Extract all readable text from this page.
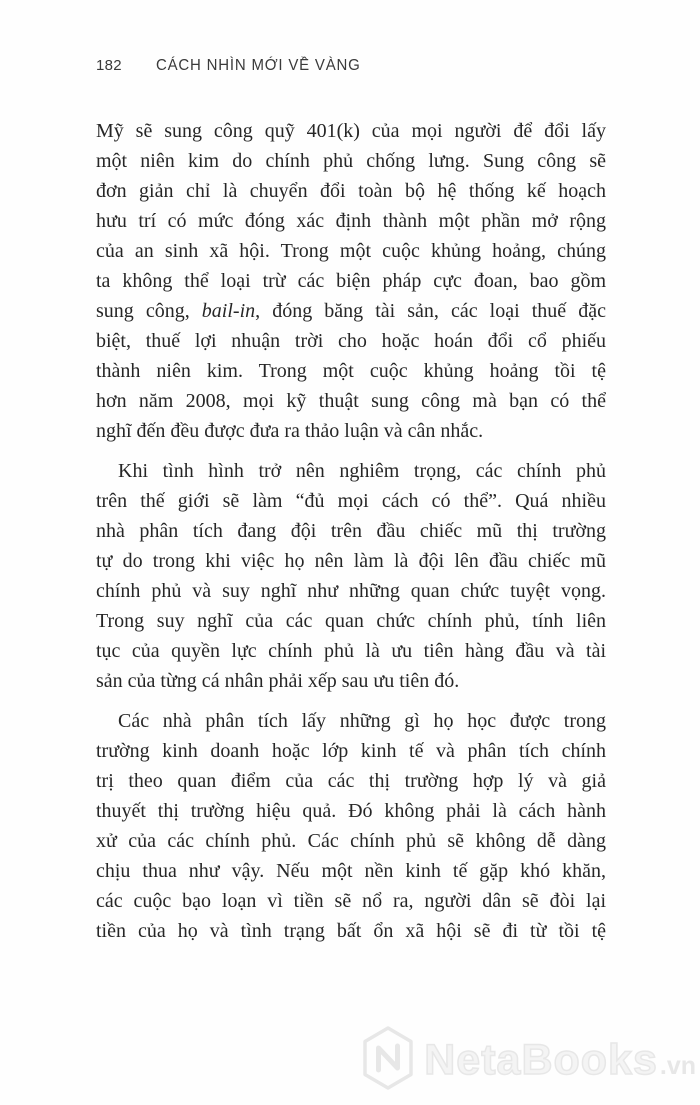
182 CÁCH NHÌN MỚI VỀ VÀNG
Mỹ sẽ sung công quỹ 401(k) của mọi người để đổi lấy
một niên kim do chính phủ chống lưng. Sung công sẽ
đơn giản chỉ là chuyển đổi toàn bộ hệ thống kế hoạch
hưu trí có mức đóng xác định thành một phần mở rộng
của an sinh xã hội. Trong một cuộc khủng hoảng, chúng
ta không thể loại trừ các biện pháp cực đoan, bao gồm
sung công, bail-in, đóng băng tài sản, các loại thuế đặc
biệt, thuế lợi nhuận trời cho hoặc hoán đổi cổ phiếu
thành niên kim. Trong một cuộc khủng hoảng tồi tệ
hơn năm 2008, mọi kỹ thuật sung công mà bạn có thể
nghĩ đến đều được đưa ra thảo luận và cân nhắc.
Khi tình hình trở nên nghiêm trọng, các chính phủ
trên thế giới sẽ làm “đủ mọi cách có thể”. Quá nhiều
nhà phân tích đang đội trên đầu chiếc mũ thị trường
tự do trong khi việc họ nên làm là đội lên đầu chiếc mũ
chính phủ và suy nghĩ như những quan chức tuyệt vọng.
Trong suy nghĩ của các quan chức chính phủ, tính liên
tục của quyền lực chính phủ là ưu tiên hàng đầu và tài
sản của từng cá nhân phải xếp sau ưu tiên đó.
Các nhà phân tích lấy những gì họ học được trong
trường kinh doanh hoặc lớp kinh tế và phân tích chính
trị theo quan điểm của các thị trường hợp lý và giả
thuyết thị trường hiệu quả. Đó không phải là cách hành
xử của các chính phủ. Các chính phủ sẽ không dễ dàng
chịu thua như vậy. Nếu một nền kinh tế gặp khó khăn,
các cuộc bạo loạn vì tiền sẽ nổ ra, người dân sẽ đòi lại
tiền của họ và tình trạng bất ổn xã hội sẽ đi từ tồi tệ
NetaBooks.vn
